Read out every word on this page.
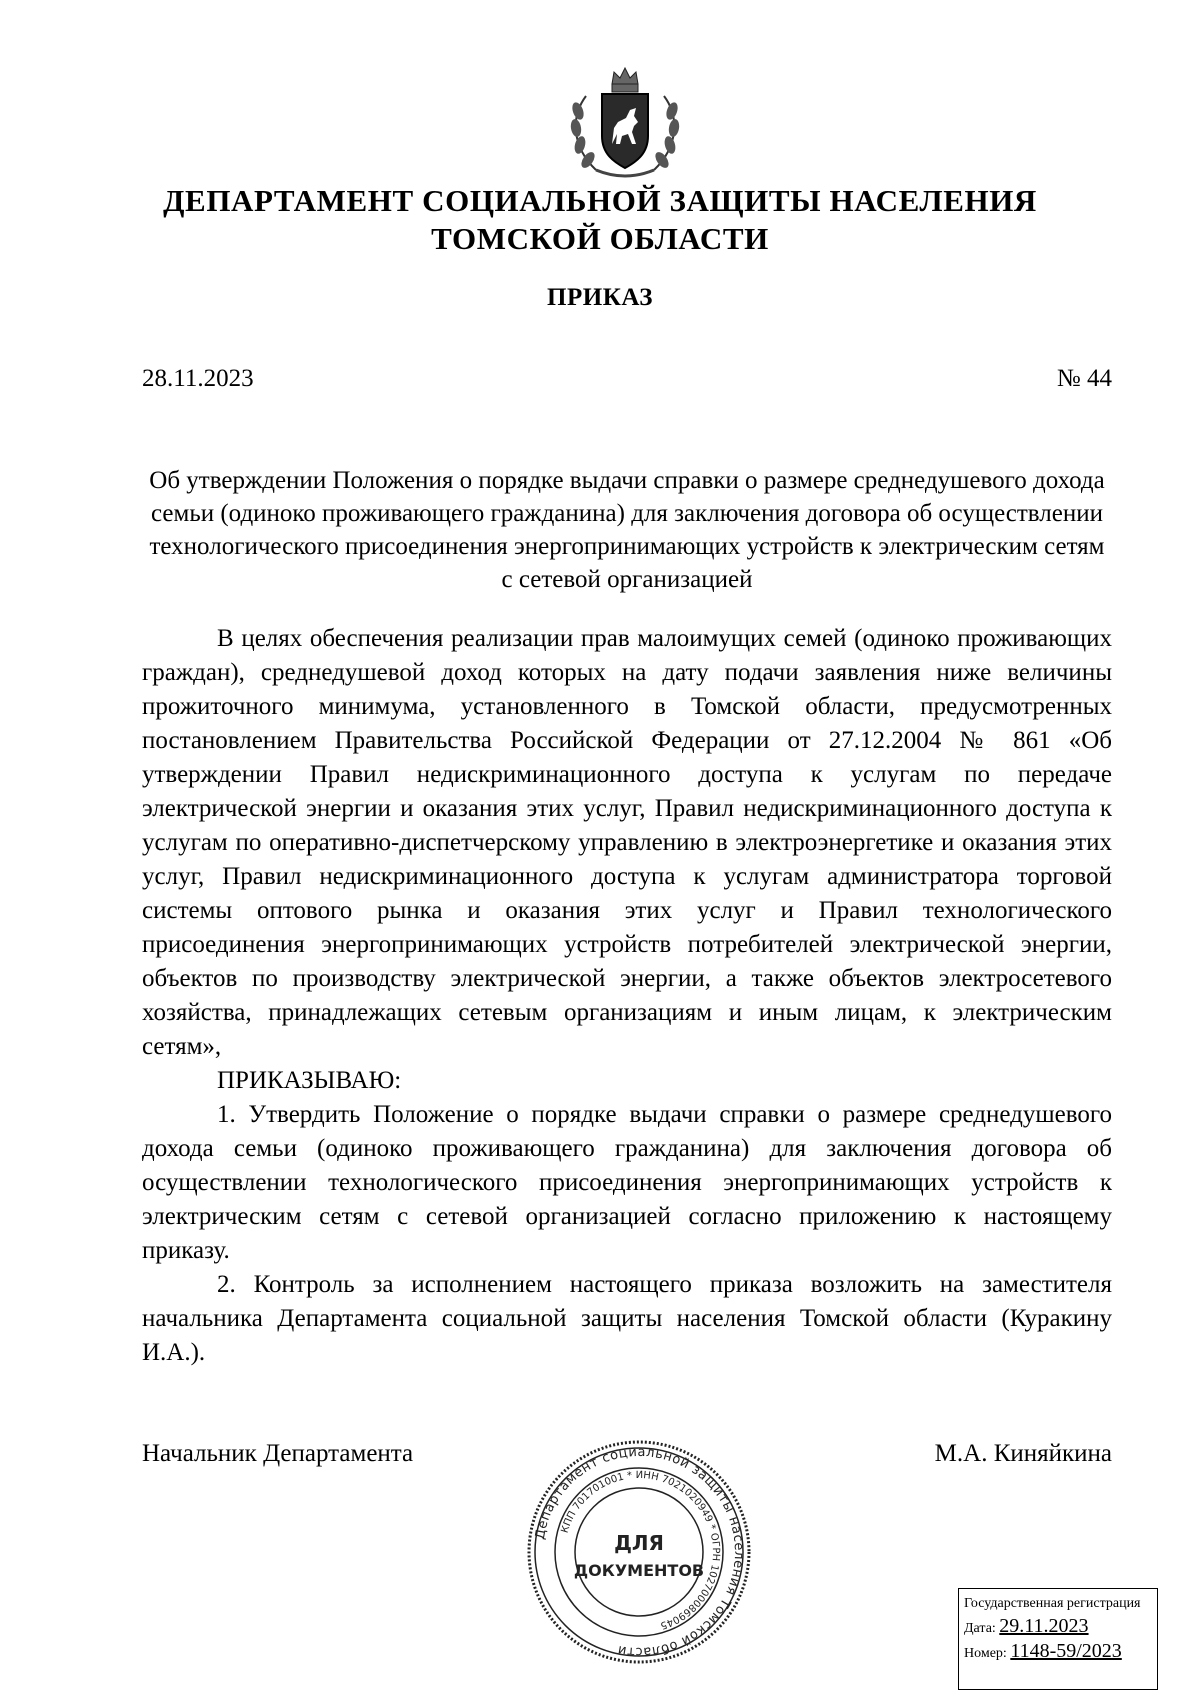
ДЕПАРТАМЕНТ СОЦИАЛЬНОЙ ЗАЩИТЫ НАСЕЛЕНИЯ
ТОМСКОЙ ОБЛАСТИ
ПРИКАЗ
28.11.2023	№ 44
Об утверждении Положения о порядке выдачи справки о размере среднедушевого дохода семьи (одиноко проживающего гражданина) для заключения договора об осуществлении технологического присоединения энергопринимающих устройств к электрическим сетям с сетевой организацией

В целях обеспечения реализации прав малоимущих семей (одиноко проживающих граждан), среднедушевой доход которых на дату подачи заявления ниже величины прожиточного минимума, установленного в Томской области, предусмотренных постановлением Правительства Российской Федерации от 27.12.2004 № 861 «Об утверждении Правил недискриминационного доступа к услугам по передаче электрической энергии и оказания этих услуг, Правил недискриминационного доступа к услугам по оперативно-диспетчерскому управлению в электроэнергетике и оказания этих услуг, Правил недискриминационного доступа к услугам администратора торговой системы оптового рынка и оказания этих услуг и Правил технологического присоединения энергопринимающих устройств потребителей электрической энергии, объектов по производству электрической энергии, а также объектов электросетевого хозяйства, принадлежащих сетевым организациям и иным лицам, к электрическим сетям»,

ПРИКАЗЫВАЮ:

1. Утвердить Положение о порядке выдачи справки о размере среднедушевого дохода семьи (одиноко проживающего гражданина) для заключения договора об осуществлении технологического присоединения энергопринимающих устройств к электрическим сетям с сетевой организацией согласно приложению к настоящему приказу.

2. Контроль за исполнением настоящего приказа возложить на заместителя начальника Департамента социальной защиты населения Томской области (Куракину И.А.).

Начальник Департамента	М.А. Киняйкина
Департамент социальной защиты населения Томской области
КПП 701701001 * ИНН 7021020949 * ОГРН 1027000869045
ДЛЯ
ДОКУМЕНТОВ
Государственная регистрация
Дата: 29.11.2023
Номер: 1148-59/2023
